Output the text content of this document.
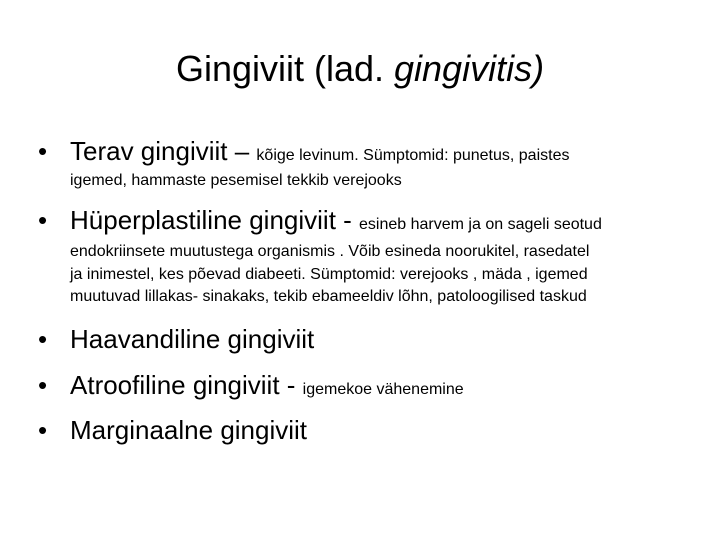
Gingiviit (lad. gingivitis)
• Terav gingiviit – kõige levinum. Sümptomid: punetus, paistes
igemed, hammaste pesemisel tekkib verejooks
• Hüperplastiline gingiviit - esineb harvem ja on sageli seotud
endokriinsete muutustega organismis . Võib esineda noorukitel, rasedatel
ja inimestel, kes põevad diabeeti. Sümptomid: verejooks , mäda , igemed
muutuvad lillakas- sinakaks, tekib ebameeldiv lõhn, patoloogilised taskud
• Haavandiline gingiviit
• Atroofiline gingiviit - igemekoe vähenemine
• Marginaalne gingiviit
